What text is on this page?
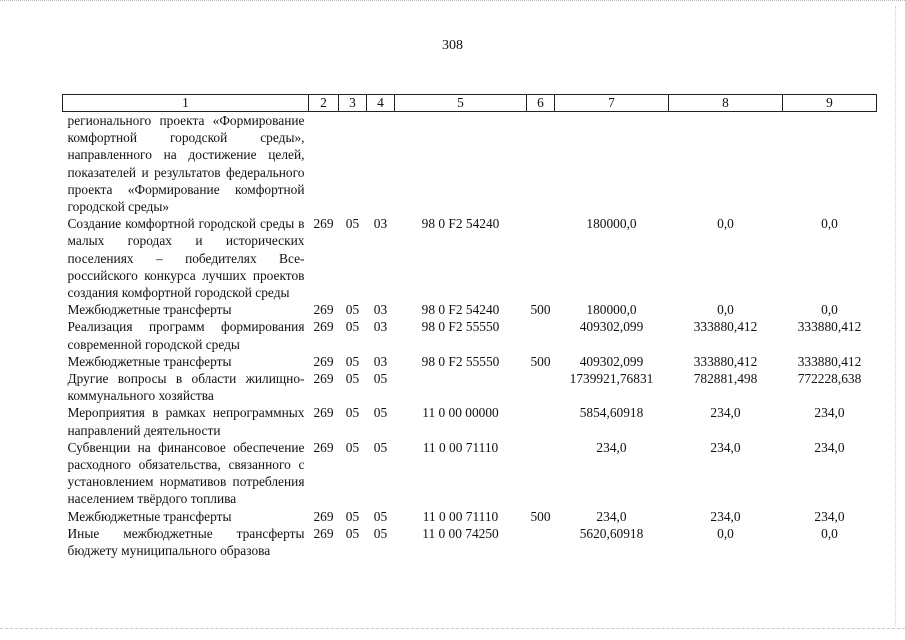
308
1	2	3	4	5	6	7	8	9
регионального проекта «Формирование комфортной городской среды», направленного на достижение целей, показателей и результатов федерального проекта «Формирование комфортной городской среды»								
Создание комфортной городской среды в малых городах и исторических поселениях – победителях Всероссийского конкурса лучших проектов создания комфортной городской среды	269	05	03	98 0 F2 54240		180000,0	0,0	0,0
Межбюджетные трансферты	269	05	03	98 0 F2 54240	500	180000,0	0,0	0,0
Реализация программ формирования современной городской среды	269	05	03	98 0 F2 55550		409302,099	333880,412	333880,412
Межбюджетные трансферты	269	05	03	98 0 F2 55550	500	409302,099	333880,412	333880,412
Другие вопросы в области жилищно-коммунального хозяйства	269	05	05			1739921,76831	782881,498	772228,638
Мероприятия в рамках непрограммных направлений деятельности	269	05	05	11 0 00 00000		5854,60918	234,0	234,0
Субвенции на финансовое обеспечение расходного обязательства, связанного с установлением нормативов потребления населением твёрдого топлива	269	05	05	11 0 00 71110		234,0	234,0	234,0
Межбюджетные трансферты	269	05	05	11 0 00 71110	500	234,0	234,0	234,0
Иные межбюджетные трансферты бюджету муниципального образова	269	05	05	11 0 00 74250		5620,60918	0,0	0,0
